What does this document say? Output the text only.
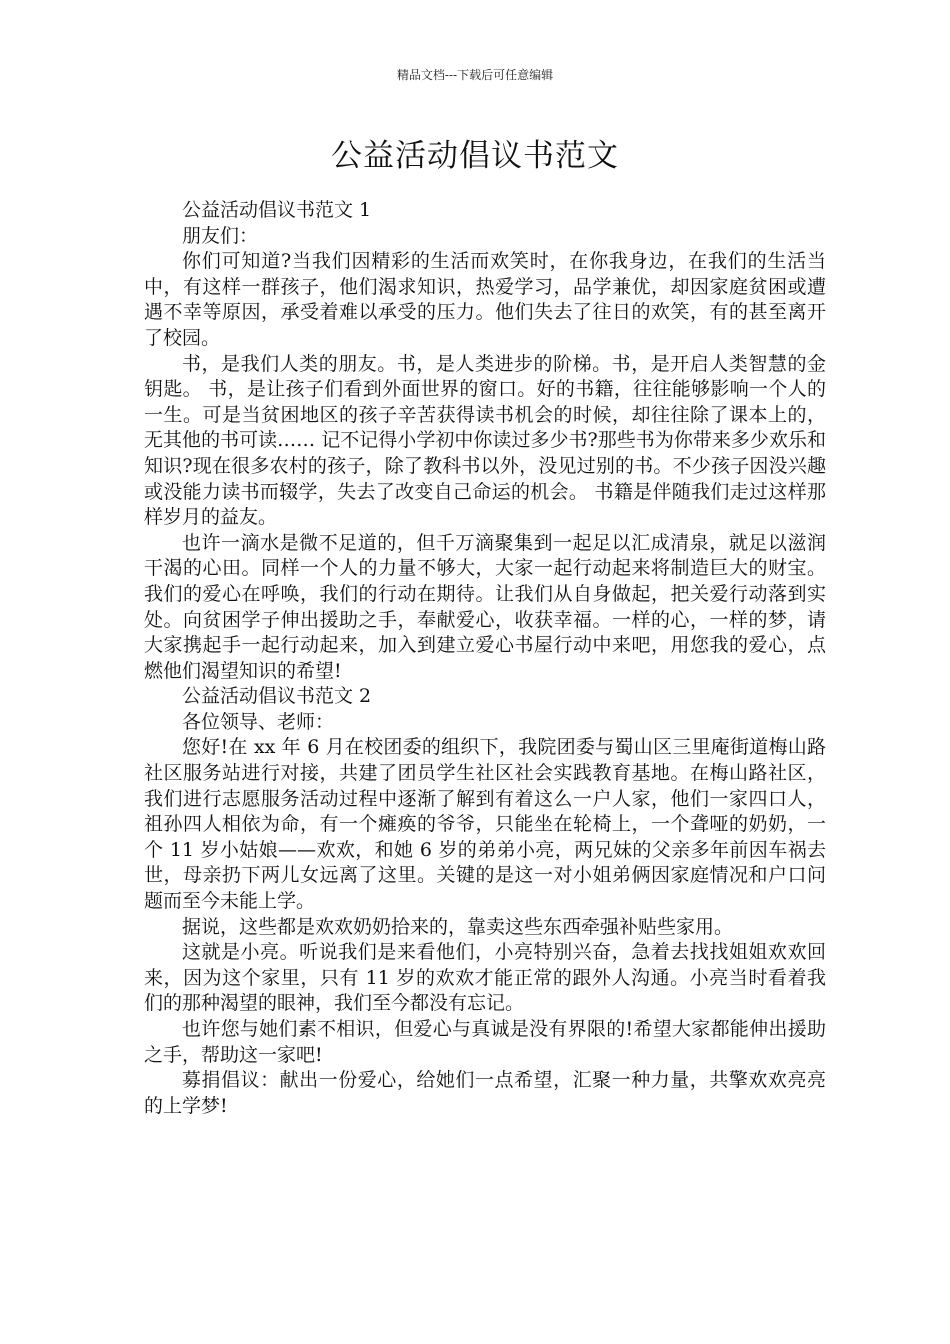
精品文档---下载后可任意编辑
公益活动倡议书范文

公益活动倡议书范文 1

朋友们：

你们可知道?当我们因精彩的生活而欢笑时，在你我身边，在我们的生活当中，有这样一群孩子，他们渴求知识，热爱学习，品学兼优，却因家庭贫困或遭遇不幸等原因，承受着难以承受的压力。他们失去了往日的欢笑，有的甚至离开了校园。

书，是我们人类的朋友。书，是人类进步的阶梯。书，是开启人类智慧的金钥匙。 书，是让孩子们看到外面世界的窗口。好的书籍，往往能够影响一个人的一生。可是当贫困地区的孩子辛苦获得读书机会的时候，却往往除了课本上的，无其他的书可读…… 记不记得小学初中你读过多少书?那些书为你带来多少欢乐和知识?现在很多农村的孩子，除了教科书以外，没见过别的书。不少孩子因没兴趣或没能力读书而辍学，失去了改变自己命运的机会。 书籍是伴随我们走过这样那样岁月的益友。

也许一滴水是微不足道的，但千万滴聚集到一起足以汇成清泉，就足以滋润干渴的心田。同样一个人的力量不够大，大家一起行动起来将制造巨大的财宝。我们的爱心在呼唤，我们的行动在期待。让我们从自身做起，把关爱行动落到实处。向贫困学子伸出援助之手，奉献爱心，收获幸福。一样的心，一样的梦，请大家携起手一起行动起来，加入到建立爱心书屋行动中来吧，用您我的爱心，点燃他们渴望知识的希望!

公益活动倡议书范文 2

各位领导、老师：

您好!在 xx 年 6 月在校团委的组织下，我院团委与蜀山区三里庵街道梅山路社区服务站进行对接，共建了团员学生社区社会实践教育基地。在梅山路社区，我们进行志愿服务活动过程中逐渐了解到有着这么一户人家，他们一家四口人，祖孙四人相依为命，有一个瘫痪的爷爷，只能坐在轮椅上，一个聋哑的奶奶，一个 11 岁小姑娘——欢欢，和她 6 岁的弟弟小亮，两兄妹的父亲多年前因车祸去世，母亲扔下两儿女远离了这里。关键的是这一对小姐弟俩因家庭情况和户口问题而至今未能上学。

据说，这些都是欢欢奶奶拾来的，靠卖这些东西牵强补贴些家用。

这就是小亮。听说我们是来看他们，小亮特别兴奋，急着去找找姐姐欢欢回来，因为这个家里，只有 11 岁的欢欢才能正常的跟外人沟通。小亮当时看着我们的那种渴望的眼神，我们至今都没有忘记。

也许您与她们素不相识，但爱心与真诚是没有界限的!希望大家都能伸出援助之手，帮助这一家吧!

募捐倡议：献出一份爱心，给她们一点希望，汇聚一种力量，共擎欢欢亮亮的上学梦!
